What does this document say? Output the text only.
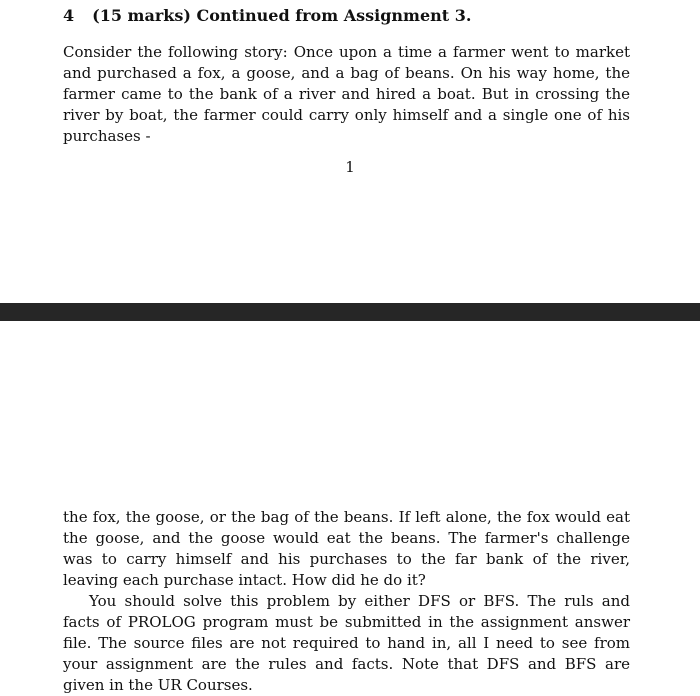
4 (15 marks) Continued from Assignment 3.

Consider the following story: Once upon a time a farmer went to market and purchased a fox, a goose, and a bag of beans. On his way home, the farmer came to the bank of a river and hired a boat. But in crossing the river by boat, the farmer could carry only himself and a single one of his purchases -

1

the fox, the goose, or the bag of the beans. If left alone, the fox would eat the goose, and the goose would eat the beans. The farmer's challenge was to carry himself and his purchases to the far bank of the river, leaving each purchase intact. How did he do it?

You should solve this problem by either DFS or BFS. The ruls and facts of PROLOG program must be submitted in the assignment answer file. The source files are not required to hand in, all I need to see from your assignment are the rules and facts. Note that DFS and BFS are given in the UR Courses.
